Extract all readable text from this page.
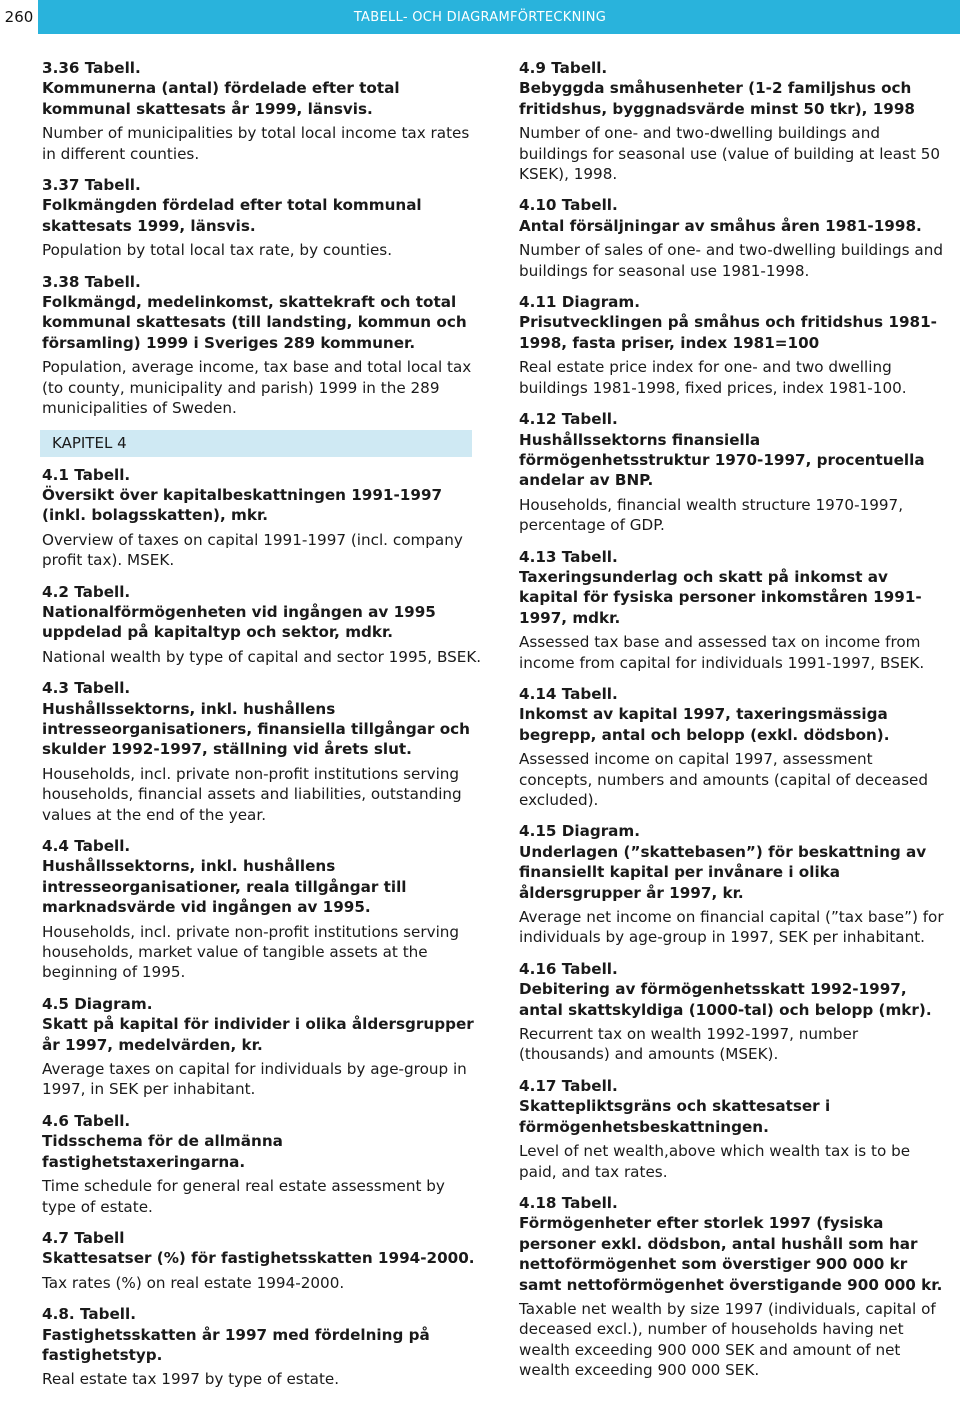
260	TABELL- OCH DIAGRAMFÖRTECKNING
3.36 Tabell.
Kommunerna (antal) fördelade efter total kommunal skattesats år 1999, länsvis.
Number of municipalities by total local income tax rates in different counties.
3.37 Tabell.
Folkmängden fördelad efter total kommunal skattesats 1999, länsvis.
Population by total local tax rate, by counties.
3.38 Tabell.
Folkmängd, medelinkomst, skattekraft och total kommunal skattesats (till landsting, kommun och församling) 1999 i Sveriges 289 kommuner.
Population, average income, tax base and total local tax (to county, municipality and parish) 1999 in the 289 municipalities of Sweden.
KAPITEL 4
4.1 Tabell.
Översikt över kapitalbeskattningen 1991-1997 (inkl. bolagsskatten), mkr.
Overview of taxes on capital 1991-1997 (incl. company profit tax). MSEK.
4.2 Tabell.
Nationalförmögenheten vid ingången av 1995 uppdelad på kapitaltyp och sektor, mdkr.
National wealth by type of capital and sector 1995, BSEK.
4.3 Tabell.
Hushållssektorns, inkl. hushållens intresseorganisationers, finansiella tillgångar och skulder 1992-1997, ställning vid årets slut.
Households, incl. private non-profit institutions serving households, financial assets and liabilities, outstanding values at the end of the year.
4.4 Tabell.
Hushållssektorns, inkl. hushållens intresseorganisationer, reala tillgångar till marknadsvärde vid ingången av 1995.
Households, incl. private non-profit institutions serving households, market value of tangible assets at the beginning of 1995.
4.5 Diagram.
Skatt på kapital för individer i olika åldersgrupper år 1997, medelvärden, kr.
Average taxes on capital for individuals by age-group in 1997, in SEK per inhabitant.
4.6 Tabell.
Tidsschema för de allmänna fastighetstaxeringarna.
Time schedule for general real estate assessment by type of estate.
4.7 Tabell
Skattesatser (%) för fastighetsskatten 1994-2000.
Tax rates (%) on real estate 1994-2000.
4.8. Tabell.
Fastighetsskatten år 1997 med fördelning på fastighetstyp.
Real estate tax 1997 by type of estate.
4.9 Tabell.
Bebyggda småhusenheter (1-2 familjshus och fritidshus, byggnadsvärde minst 50 tkr), 1998
Number of one- and two-dwelling buildings and buildings for seasonal use (value of building at least 50 KSEK), 1998.
4.10 Tabell.
Antal försäljningar av småhus åren 1981-1998.
Number of sales of one- and two-dwelling buildings and buildings for seasonal use 1981-1998.
4.11 Diagram.
Prisutvecklingen på småhus och fritidshus 1981-1998, fasta priser, index 1981=100
Real estate price index for one- and two dwelling buildings 1981-1998, fixed prices, index 1981-100.
4.12 Tabell.
Hushållssektorns finansiella förmögenhetsstruktur 1970-1997, procentuella andelar av BNP.
Households, financial wealth structure 1970-1997, percentage of GDP.
4.13 Tabell.
Taxeringsunderlag och skatt på inkomst av kapital för fysiska personer inkomståren 1991-1997, mdkr.
Assessed tax base and assessed tax on income from income from capital for individuals 1991-1997, BSEK.
4.14 Tabell.
Inkomst av kapital 1997, taxeringsmässiga begrepp, antal och belopp (exkl. dödsbon).
Assessed income on capital 1997, assessment concepts, numbers and amounts (capital of deceased excluded).
4.15 Diagram.
Underlagen (”skattebasen”) för beskattning av finansiellt kapital per invånare i olika åldersgrupper år 1997, kr.
Average net income on financial capital (”tax base”) for individuals by age-group in 1997, SEK per inhabitant.
4.16 Tabell.
Debitering av förmögenhetsskatt 1992-1997, antal skattskyldiga (1000-tal) och belopp (mkr).
Recurrent tax on wealth 1992-1997, number (thousands) and amounts (MSEK).
4.17 Tabell.
Skattepliktsgräns och skattesatser i förmögenhetsbeskattningen.
Level of net wealth,above which wealth tax is to be paid, and tax rates.
4.18 Tabell.
Förmögenheter efter storlek 1997 (fysiska personer exkl. dödsbon, antal hushåll som har nettoförmögenhet som överstiger 900 000 kr samt nettoförmögenhet överstigande 900 000 kr.
Taxable net wealth by size 1997 (individuals, capital of deceased excl.), number of households having net wealth exceeding 900 000 SEK and amount of net wealth exceeding 900 000 SEK.
